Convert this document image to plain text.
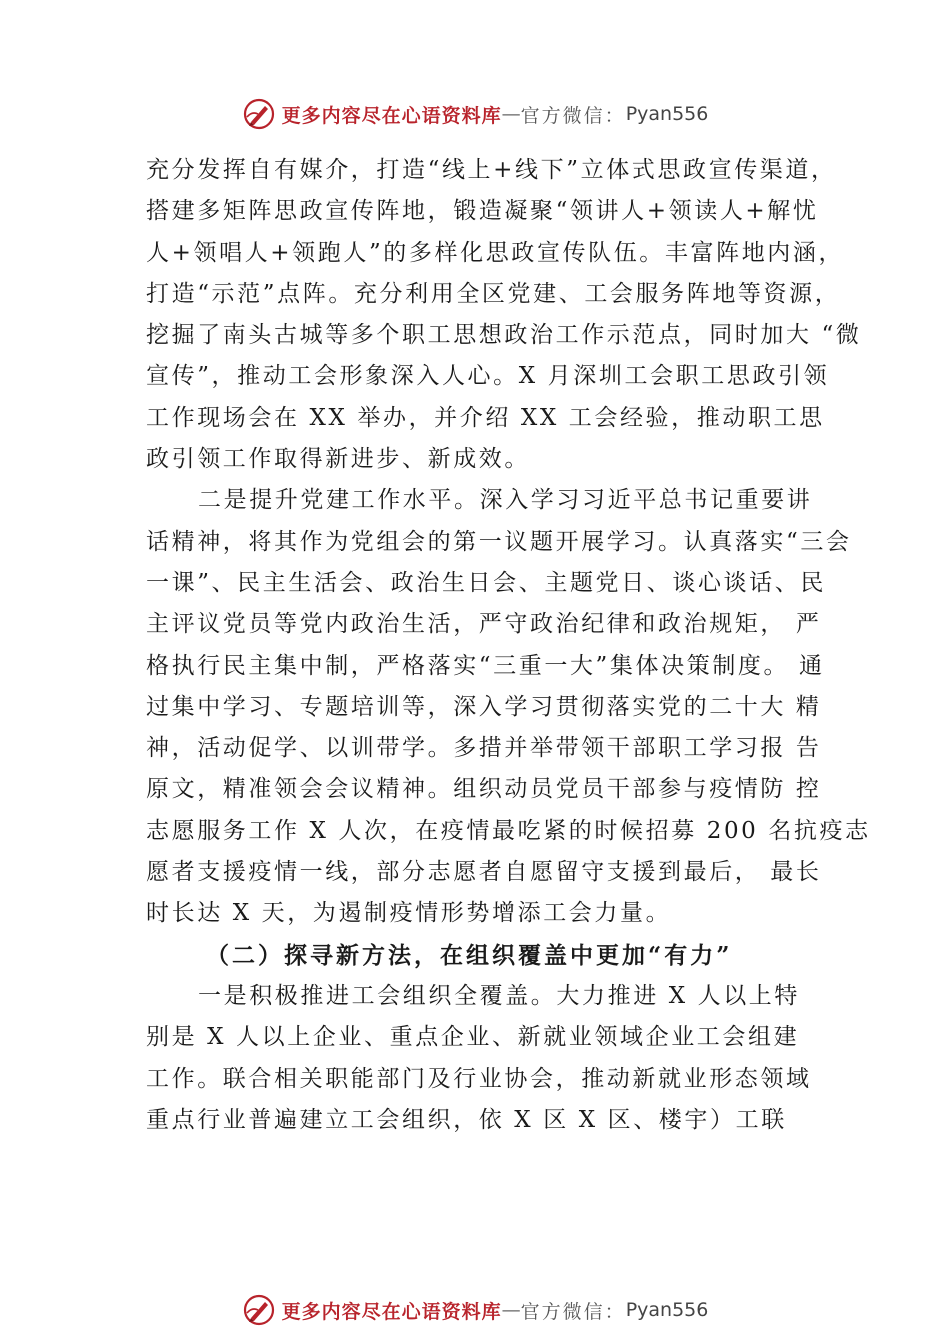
更多内容尽在心语资料库 — 官方微信： Pyan556
充分发挥自有媒介，打造“线上+线下”立体式思政宣传渠道，
搭建多矩阵思政宣传阵地，锻造凝聚“领讲人+领读人+解忧
人+领唱人+领跑人”的多样化思政宣传队伍。丰富阵地内涵，
打造“示范”点阵。充分利用全区党建、工会服务阵地等资源，
挖掘了南头古城等多个职工思想政治工作示范点，同时加大 “微
宣传”，推动工会形象深入人心。X 月深圳工会职工思政引领
工作现场会在 XX 举办，并介绍 XX 工会经验，推动职工思
政引领工作取得新进步、新成效。
二是提升党建工作水平。深入学习习近平总书记重要讲
话精神，将其作为党组会的第一议题开展学习。认真落实“三会
一课”、民主生活会、政治生日会、主题党日、谈心谈话、民
主评议党员等党内政治生活，严守政治纪律和政治规矩， 严
格执行民主集中制，严格落实“三重一大”集体决策制度。 通
过集中学习、专题培训等，深入学习贯彻落实党的二十大 精
神，活动促学、以训带学。多措并举带领干部职工学习报 告
原文，精准领会会议精神。组织动员党员干部参与疫情防 控
志愿服务工作 X 人次，在疫情最吃紧的时候招募 200 名抗疫志
愿者支援疫情一线，部分志愿者自愿留守支援到最后， 最长
时长达 X 天，为遏制疫情形势增添工会力量。
（二）探寻新方法，在组织覆盖中更加“有力”
一是积极推进工会组织全覆盖。大力推进 X 人以上特
别是 X 人以上企业、重点企业、新就业领域企业工会组建
工作。联合相关职能部门及行业协会，推动新就业形态领域
重点行业普遍建立工会组织，依 X 区 X 区、楼宇）工联
更多内容尽在心语资料库 — 官方微信： Pyan556
